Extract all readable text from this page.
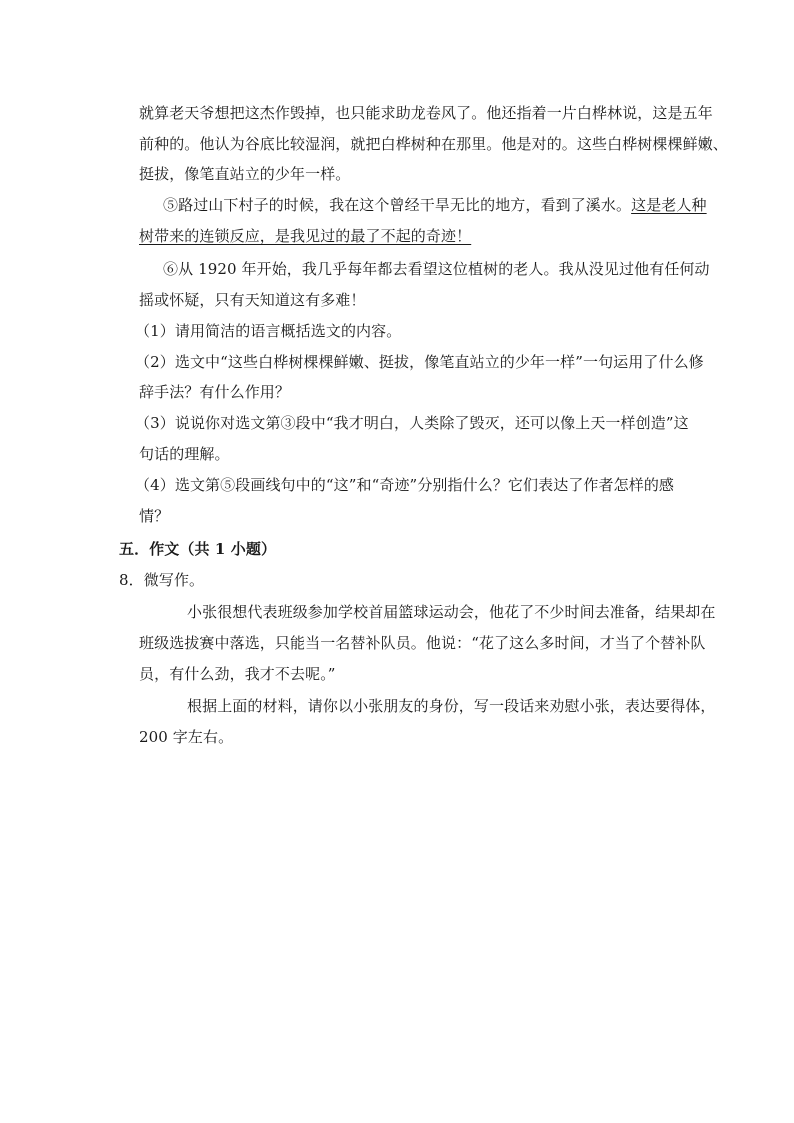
就算老天爷想把这杰作毁掉，也只能求助龙卷风了。他还指着一片白桦林说，这是五年
前种的。他认为谷底比较湿润，就把白桦树种在那里。他是对的。这些白桦树棵棵鲜嫩、
挺拔，像笔直站立的少年一样。
⑤路过山下村子的时候，我在这个曾经干旱无比的地方，看到了溪水。这是老人种
树带来的连锁反应，是我见过的最了不起的奇迹！
⑥从 1920 年开始，我几乎每年都去看望这位植树的老人。我从没见过他有任何动
摇或怀疑，只有天知道这有多难！
（1）请用简洁的语言概括选文的内容。
（2）选文中“这些白桦树棵棵鲜嫩、挺拔，像笔直站立的少年一样”一句运用了什么修
辞手法？有什么作用？
（3）说说你对选文第③段中“我才明白，人类除了毁灭，还可以像上天一样创造”这
句话的理解。
（4）选文第⑤段画线句中的“这”和“奇迹”分别指什么？它们表达了作者怎样的感
情？
五．作文（共 1 小题）
8．微写作。
小张很想代表班级参加学校首届篮球运动会，他花了不少时间去准备，结果却在
班级选拔赛中落选，只能当一名替补队员。他说：“花了这么多时间，才当了个替补队
员，有什么劲，我才不去呢。”
根据上面的材料，请你以小张朋友的身份，写一段话来劝慰小张，表达要得体，
200 字左右。
